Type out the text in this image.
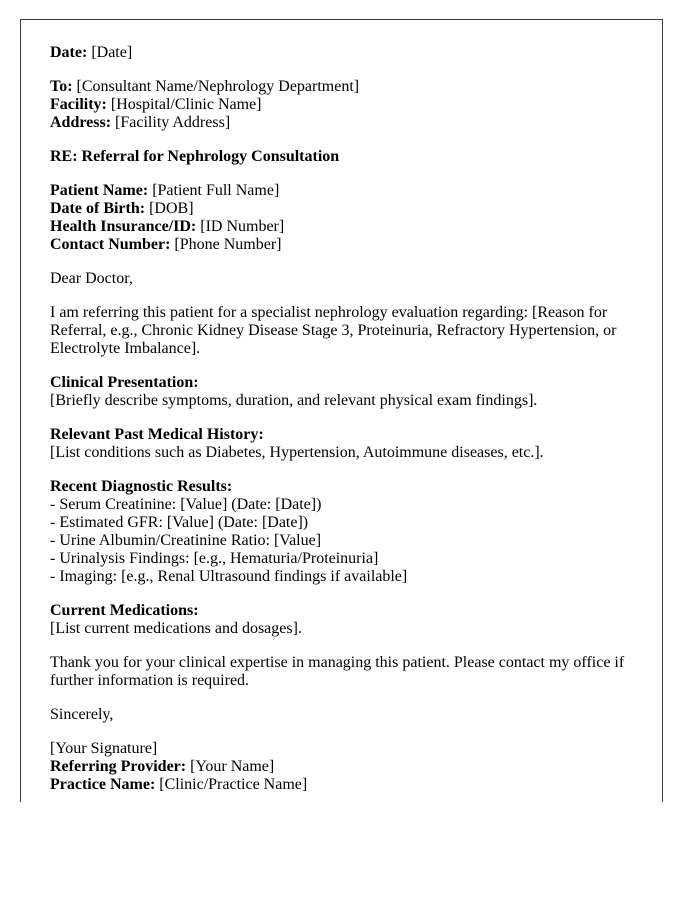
Date: [Date]

To: [Consultant Name/Nephrology Department]
Facility: [Hospital/Clinic Name]
Address: [Facility Address]

RE: Referral for Nephrology Consultation

Patient Name: [Patient Full Name]
Date of Birth: [DOB]
Health Insurance/ID: [ID Number]
Contact Number: [Phone Number]

Dear Doctor,

I am referring this patient for a specialist nephrology evaluation regarding: [Reason for
Referral, e.g., Chronic Kidney Disease Stage 3, Proteinuria, Refractory Hypertension, or
Electrolyte Imbalance].

Clinical Presentation:
[Briefly describe symptoms, duration, and relevant physical exam findings].

Relevant Past Medical History:
[List conditions such as Diabetes, Hypertension, Autoimmune diseases, etc.].

Recent Diagnostic Results:
- Serum Creatinine: [Value] (Date: [Date])
- Estimated GFR: [Value] (Date: [Date])
- Urine Albumin/Creatinine Ratio: [Value]
- Urinalysis Findings: [e.g., Hematuria/Proteinuria]
- Imaging: [e.g., Renal Ultrasound findings if available]

Current Medications:
[List current medications and dosages].

Thank you for your clinical expertise in managing this patient. Please contact my office if
further information is required.

Sincerely,

[Your Signature]
Referring Provider: [Your Name]
Practice Name: [Clinic/Practice Name]
